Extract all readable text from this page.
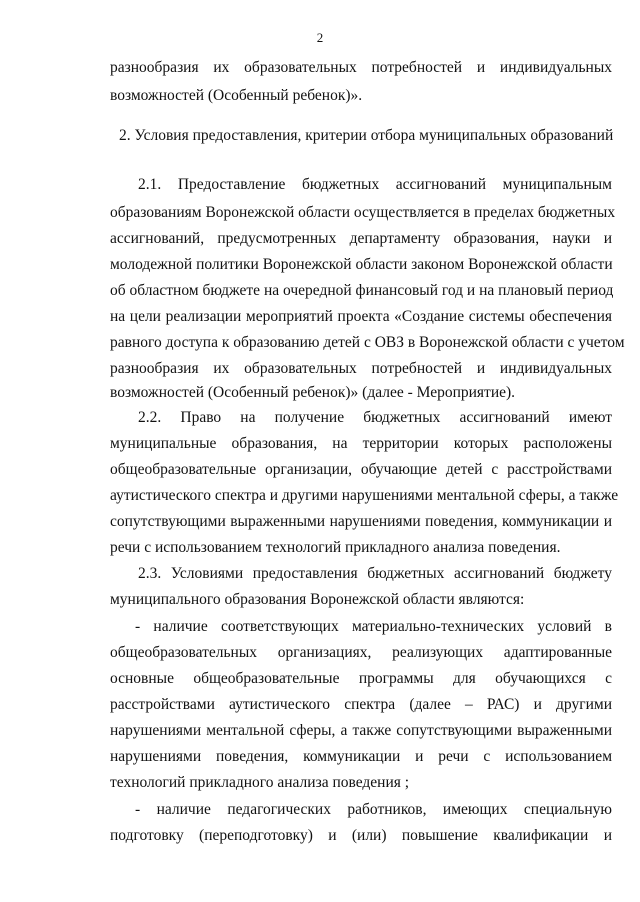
2
разнообразия их образовательных потребностей и индивидуальных
возможностей (Особенный ребенок)».
2. Условия предоставления, критерии отбора муниципальных образований
2.1. Предоставление бюджетных ассигнований муниципальным
образованиям Воронежской области осуществляется в пределах бюджетных
ассигнований, предусмотренных департаменту образования, науки и
молодежной политики Воронежской области законом Воронежской области
об областном бюджете на очередной финансовый год и на плановый период
на цели реализации мероприятий проекта «Создание системы обеспечения
равного доступа к образованию детей с ОВЗ в Воронежской области с учетом
разнообразия их образовательных потребностей и индивидуальных
возможностей (Особенный ребенок)» (далее - Мероприятие).
2.2. Право на получение бюджетных ассигнований имеют
муниципальные образования, на территории которых расположены
общеобразовательные организации, обучающие детей с расстройствами
аутистического спектра и другими нарушениями ментальной сферы, а также
сопутствующими выраженными нарушениями поведения, коммуникации и
речи с использованием технологий прикладного анализа поведения.
2.3. Условиями предоставления бюджетных ассигнований бюджету
муниципального образования Воронежской области являются:
- наличие соответствующих материально-технических условий в
общеобразовательных организациях, реализующих адаптированные
основные общеобразовательные программы для обучающихся с
расстройствами аутистического спектра (далее – РАС) и другими
нарушениями ментальной сферы, а также сопутствующими выраженными
нарушениями поведения, коммуникации и речи с использованием
технологий прикладного анализа поведения ;
- наличие педагогических работников, имеющих специальную
подготовку (переподготовку) и (или) повышение квалификации и
